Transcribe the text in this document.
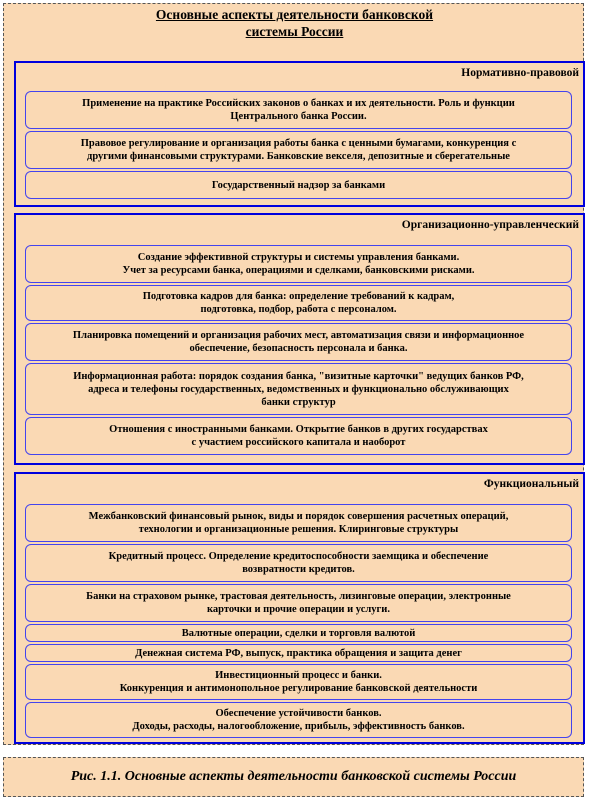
Основные аспекты деятельности банковской
системы России
Нормативно-правовой
Применение на практике Российских законов о банках и их деятельности. Роль и функции
Центрального банка России.
Правовое регулирование и организация работы банка с ценными бумагами, конкуренция с
другими финансовыми структурами. Банковские векселя, депозитные и сберегательные
Государственный надзор за банками
Организационно-управленческий
Создание эффективной структуры и системы управления банками.
Учет за ресурсами банка, операциями и сделками, банковскими рисками.
Подготовка кадров для банка: определение требований к кадрам,
подготовка, подбор, работа с персоналом.
Планировка помещений и организация рабочих мест, автоматизация связи и информационное
обеспечение, безопасность персонала и банка.
Информационная работа: порядок создания банка, "визитные карточки" ведущих банков РФ,
адреса и телефоны государственных, ведомственных и функционально обслуживающих
банки структур
Отношения с иностранными банками. Открытие банков в других государствах
с участием российского капитала и наоборот
Функциональный
Межбанковский финансовый рынок, виды и порядок совершения расчетных операций,
технологии и организационные решения. Клиринговые структуры
Кредитный процесс. Определение кредитоспособности заемщика и обеспечение
возвратности кредитов.
Банки на страховом рынке, трастовая деятельность, лизинговые операции, электронные
карточки и прочие операции и услуги.
Валютные операции, сделки и торговля валютой
Денежная система РФ, выпуск, практика обращения и защита денег
Инвестиционный процесс и банки.
Конкуренция и антимонопольное регулирование банковской деятельности
Обеспечение устойчивости банков.
Доходы, расходы, налогообложение, прибыль, эффективность банков.
Рис. 1.1. Основные аспекты деятельности банковской системы России
